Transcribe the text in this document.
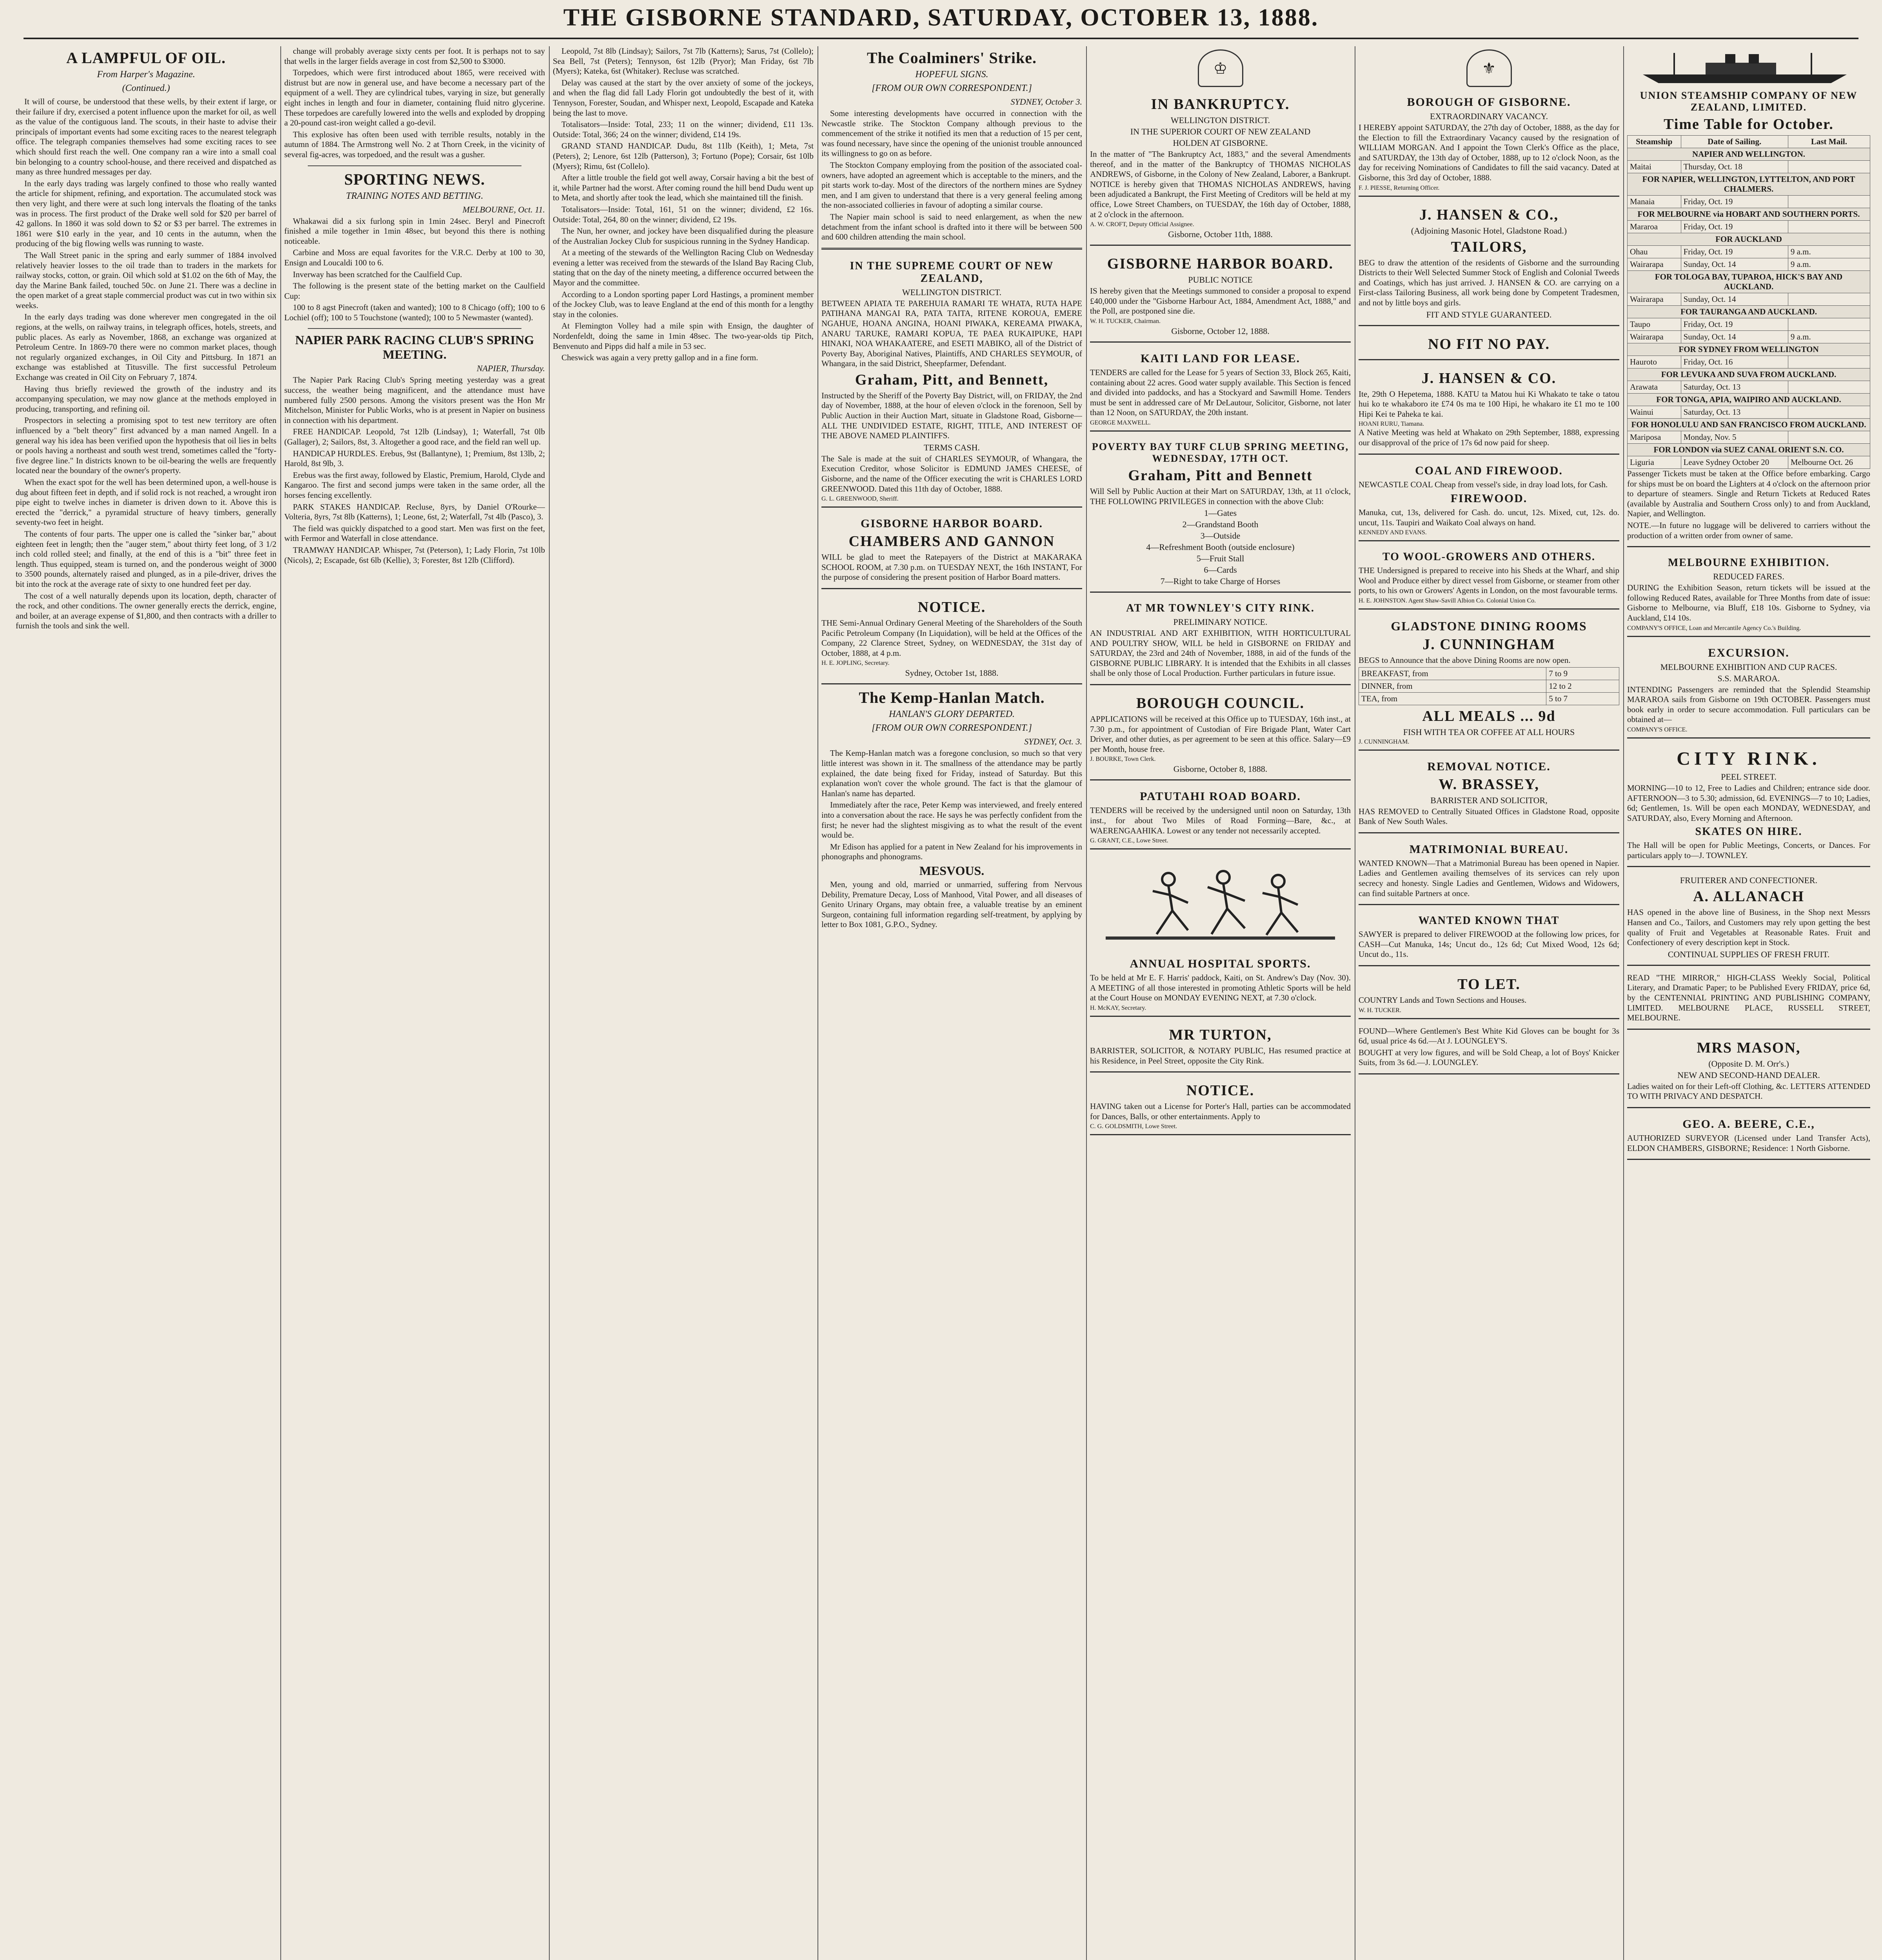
THE GISBORNE STANDARD, SATURDAY, OCTOBER 13, 1888.
A LAMPFUL OF OIL.
From Harper's Magazine.
(Continued.)

It will of course, be understood that these wells, by their extent if large, or their failure if dry, exercised a potent influence upon the market for oil, as well as the value of the contiguous land. The scouts, in their haste to advise their principals of important events had some exciting races to the nearest telegraph office. The telegraph companies themselves had some exciting races to see which should first reach the well. One company ran a wire into a small coal bin belonging to a country school-house, and there received and dispatched as many as three hundred messages per day.

In the early days trading was largely confined to those who really wanted the article for shipment, refining, and exportation. The accumulated stock was then very light, and there were at such long intervals the floating of the tanks was in process. The first product of the Drake well sold for $20 per barrel of 42 gallons. In 1860 it was sold down to $2 or $3 per barrel. The extremes in 1861 were $10 early in the year, and 10 cents in the autumn, when the producing of the big flowing wells was running to waste.

The Wall Street panic in the spring and early summer of 1884 involved relatively heavier losses to the oil trade than to traders in the markets for railway stocks, cotton, or grain. Oil which sold at $1.02 on the 6th of May, the day the Marine Bank failed, touched 50c. on June 21. There was a decline in the open market of a great staple commercial product was cut in two within six weeks.

In the early days trading was done wherever men congregated in the oil regions, at the wells, on railway trains, in telegraph offices, hotels, streets, and public places. As early as November, 1868, an exchange was organized at Petroleum Centre. In 1869-70 there were no common market places, though not regularly organized exchanges, in Oil City and Pittsburg. In 1871 an exchange was established at Titusville. The first successful Petroleum Exchange was created in Oil City on February 7, 1874.

Having thus briefly reviewed the growth of the industry and its accompanying speculation, we may now glance at the methods employed in producing, transporting, and refining oil.

Prospectors in selecting a promising spot to test new territory are often influenced by a "belt theory" first advanced by a man named Angell. In a general way his idea has been verified upon the hypothesis that oil lies in belts or pools having a northeast and south west trend, sometimes called the "forty-five degree line." In districts known to be oil-bearing the wells are frequently located near the boundary of the owner's property.

When the exact spot for the well has been determined upon, a well-house is dug about fifteen feet in depth, and if solid rock is not reached, a wrought iron pipe eight to twelve inches in diameter is driven down to it. Above this is erected the "derrick," a pyramidal structure of heavy timbers, generally seventy-two feet in height.

The contents of four parts. The upper one is called the "sinker bar," about eighteen feet in length; then the "auger stem," about thirty feet long, of 3 1/2 inch cold rolled steel; and finally, at the end of this is a "bit" three feet in length. Thus equipped, steam is turned on, and the ponderous weight of 3000 to 3500 pounds, alternately raised and plunged, as in a pile-driver, drives the bit into the rock at the average rate of sixty to one hundred feet per day.

The cost of a well naturally depends upon its location, depth, character of the rock, and other conditions. The owner generally erects the derrick, engine, and boiler, at an average expense of $1,800, and then contracts with a driller to furnish the tools and sink the well.

change will probably average sixty cents per foot. It is perhaps not to say that wells in the larger fields average in cost from $2,500 to $3000.

Torpedoes, which were first introduced about 1865, were received with distrust but are now in general use, and have become a necessary part of the equipment of a well. They are cylindrical tubes, varying in size, but generally eight inches in length and four in diameter, containing fluid nitro glycerine. These torpedoes are carefully lowered into the wells and exploded by dropping a 20-pound cast-iron weight called a go-devil.

This explosive has often been used with terrible results, notably in the autumn of 1884. The Armstrong well No. 2 at Thorn Creek, in the vicinity of several fig-acres, was torpedoed, and the result was a gusher.

SPORTING NEWS.
TRAINING NOTES AND BETTING.
MELBOURNE, Oct. 11.

Whakawai did a six furlong spin in 1min 24sec. Beryl and Pinecroft finished a mile together in 1min 48sec, but beyond this there is nothing noticeable.

Carbine and Moss are equal favorites for the V.R.C. Derby at 100 to 30, Ensign and Loucaldi 100 to 6.

Inverway has been scratched for the Caulfield Cup.

The following is the present state of the betting market on the Caulfield Cup:

100 to 8 agst Pinecroft (taken and wanted); 100 to 8 Chicago (off); 100 to 6 Lochiel (off); 100 to 5 Touchstone (wanted); 100 to 5 Newmaster (wanted).

NAPIER PARK RACING CLUB'S SPRING MEETING.
NAPIER, Thursday.

The Napier Park Racing Club's Spring meeting yesterday was a great success, the weather being magnificent, and the attendance must have numbered fully 2500 persons. Among the visitors present was the Hon Mr Mitchelson, Minister for Public Works, who is at present in Napier on business in connection with his department.

FREE HANDICAP. Leopold, 7st 12lb (Lindsay), 1; Waterfall, 7st 0lb (Gallager), 2; Sailors, 8st, 3. Altogether a good race, and the field ran well up.

HANDICAP HURDLES. Erebus, 9st (Ballantyne), 1; Premium, 8st 13lb, 2; Harold, 8st 9lb, 3.

Erebus was the first away, followed by Elastic, Premium, Harold, Clyde and Kangaroo. The first and second jumps were taken in the same order, all the horses fencing excellently.

PARK STAKES HANDICAP. Recluse, 8yrs, by Daniel O'Rourke—Volteria, 8yrs, 7st 8lb (Katterns), 1; Leone, 6st, 2; Waterfall, 7st 4lb (Pasco), 3.

The field was quickly dispatched to a good start. Men was first on the feet, with Fermor and Waterfall in close attendance.

TRAMWAY HANDICAP. Whisper, 7st (Peterson), 1; Lady Florin, 7st 10lb (Nicols), 2; Escapade, 6st 6lb (Kellie), 3; Forester, 8st 12lb (Clifford).

Leopold, 7st 8lb (Lindsay); Sailors, 7st 7lb (Katterns); Sarus, 7st (Collelo); Sea Bell, 7st (Peters); Tennyson, 6st 12lb (Pryor); Man Friday, 6st 7lb (Myers); Kateka, 6st (Whitaker). Recluse was scratched.

Delay was caused at the start by the over anxiety of some of the jockeys, and when the flag did fall Lady Florin got undoubtedly the best of it, with Tennyson, Forester, Soudan, and Whisper next, Leopold, Escapade and Kateka being the last to move.

Totalisators—Inside: Total, 233; 11 on the winner; dividend, £11 13s. Outside: Total, 366; 24 on the winner; dividend, £14 19s.

GRAND STAND HANDICAP. Dudu, 8st 11lb (Keith), 1; Meta, 7st (Peters), 2; Lenore, 6st 12lb (Patterson), 3; Fortuno (Pope); Corsair, 6st 10lb (Myers); Rimu, 6st (Collelo).

After a little trouble the field got well away, Corsair having a bit the best of it, while Partner had the worst. After coming round the hill bend Dudu went up to Meta, and shortly after took the lead, which she maintained till the finish.

Totalisators—Inside: Total, 161, 51 on the winner; dividend, £2 16s. Outside: Total, 264, 80 on the winner; dividend, £2 19s.

The Nun, her owner, and jockey have been disqualified during the pleasure of the Australian Jockey Club for suspicious running in the Sydney Handicap.

At a meeting of the stewards of the Wellington Racing Club on Wednesday evening a letter was received from the stewards of the Island Bay Racing Club, stating that on the day of the ninety meeting, a difference occurred between the Mayor and the committee.

According to a London sporting paper Lord Hastings, a prominent member of the Jockey Club, was to leave England at the end of this month for a lengthy stay in the colonies.

At Flemington Volley had a mile spin with Ensign, the daughter of Nordenfeldt, doing the same in 1min 48sec. The two-year-olds tip Pitch, Benvenuto and Pipps did half a mile in 53 sec.

Cheswick was again a very pretty gallop and in a fine form.

The Coalminers' Strike.
HOPEFUL SIGNS.
[FROM OUR OWN CORRESPONDENT.]
SYDNEY, October 3.

Some interesting developments have occurred in connection with the Newcastle strike. The Stockton Company although previous to the commencement of the strike it notified its men that a reduction of 15 per cent, was found necessary, have since the opening of the unionist trouble announced its willingness to go on as before.

The Stockton Company employing from the position of the associated coal-owners, have adopted an agreement which is acceptable to the miners, and the pit starts work to-day. Most of the directors of the northern mines are Sydney men, and I am given to understand that there is a very general feeling among the non-associated collieries in favour of adopting a similar course.

The Napier main school is said to need enlargement, as when the new detachment from the infant school is drafted into it there will be between 500 and 600 children attending the main school.

IN THE SUPREME COURT OF NEW ZEALAND,
WELLINGTON DISTRICT.

BETWEEN APIATA TE PAREHUIA RAMARI TE WHATA, RUTA HAPE PATIHANA MANGAI RA, PATA TAITA, RITENE KOROUA, EMERE NGAHUE, HOANA ANGINA, HOANI PIWAKA, KEREAMA PIWAKA, ANARU TARUKE, RAMARI KOPUA, TE PAEA RUKAIPUKE, HAPI HINAKI, NOA WHAKAATERE, and ESETI MABIKO, all of the District of Poverty Bay, Aboriginal Natives, Plaintiffs, AND CHARLES SEYMOUR, of Whangara, in the said District, Sheepfarmer, Defendant.

Graham, Pitt, and Bennett,

Instructed by the Sheriff of the Poverty Bay District, will, on FRIDAY, the 2nd day of November, 1888, at the hour of eleven o'clock in the forenoon, Sell by Public Auction in their Auction Mart, situate in Gladstone Road, Gisborne—ALL THE UNDIVIDED ESTATE, RIGHT, TITLE, AND INTEREST OF THE ABOVE NAMED PLAINTIFFS.

TERMS CASH.

The Sale is made at the suit of CHARLES SEYMOUR, of Whangara, the Execution Creditor, whose Solicitor is EDMUND JAMES CHEESE, of Gisborne, and the name of the Officer executing the writ is CHARLES LORD GREENWOOD. Dated this 11th day of October, 1888.

G. L. GREENWOOD, Sheriff.
GISBORNE HARBOR BOARD.
CHAMBERS AND GANNON

WILL be glad to meet the Ratepayers of the District at MAKARAKA SCHOOL ROOM, at 7.30 p.m. on TUESDAY NEXT, the 16th INSTANT, For the purpose of considering the present position of Harbor Board matters.

NOTICE.

THE Semi-Annual Ordinary General Meeting of the Shareholders of the South Pacific Petroleum Company (In Liquidation), will be held at the Offices of the Company, 22 Clarence Street, Sydney, on WEDNESDAY, the 31st day of October, 1888, at 4 p.m.

H. E. JOPLING, Secretary.
Sydney, October 1st, 1888.
The Kemp-Hanlan Match.
HANLAN'S GLORY DEPARTED.
[FROM OUR OWN CORRESPONDENT.]
SYDNEY, Oct. 3.

The Kemp-Hanlan match was a foregone conclusion, so much so that very little interest was shown in it. The smallness of the attendance may be partly explained, the date being fixed for Friday, instead of Saturday. But this explanation won't cover the whole ground. The fact is that the glamour of Hanlan's name has departed.

Immediately after the race, Peter Kemp was interviewed, and freely entered into a conversation about the race. He says he was perfectly confident from the first; he never had the slightest misgiving as to what the result of the event would be.

Mr Edison has applied for a patent in New Zealand for his improvements in phonographs and phonograms.

MESVOUS.

Men, young and old, married or unmarried, suffering from Nervous Debility, Premature Decay, Loss of Manhood, Vital Power, and all diseases of Genito Urinary Organs, may obtain free, a valuable treatise by an eminent Surgeon, containing full information regarding self-treatment, by applying by letter to Box 1081, G.P.O., Sydney.

♔
IN BANKRUPTCY.
WELLINGTON DISTRICT.
IN THE SUPERIOR COURT OF NEW ZEALAND
HOLDEN AT GISBORNE.

In the matter of "The Bankruptcy Act, 1883," and the several Amendments thereof, and in the matter of the Bankruptcy of THOMAS NICHOLAS ANDREWS, of Gisborne, in the Colony of New Zealand, Laborer, a Bankrupt. NOTICE is hereby given that THOMAS NICHOLAS ANDREWS, having been adjudicated a Bankrupt, the First Meeting of Creditors will be held at my office, Lowe Street Chambers, on TUESDAY, the 16th day of October, 1888, at 2 o'clock in the afternoon.

A. W. CROFT, Deputy Official Assignee.
Gisborne, October 11th, 1888.
GISBORNE HARBOR BOARD.
PUBLIC NOTICE

IS hereby given that the Meetings summoned to consider a proposal to expend £40,000 under the "Gisborne Harbour Act, 1884, Amendment Act, 1888," and the Poll, are postponed sine die.

W. H. TUCKER, Chairman.
Gisborne, October 12, 1888.
KAITI LAND FOR LEASE.

TENDERS are called for the Lease for 5 years of Section 33, Block 265, Kaiti, containing about 22 acres. Good water supply available. This Section is fenced and divided into paddocks, and has a Stockyard and Sawmill Home. Tenders must be sent in addressed care of Mr DeLautour, Solicitor, Gisborne, not later than 12 Noon, on SATURDAY, the 20th instant.

GEORGE MAXWELL.
POVERTY BAY TURF CLUB SPRING MEETING, WEDNESDAY, 17TH OCT.
Graham, Pitt and Bennett

Will Sell by Public Auction at their Mart on SATURDAY, 13th, at 11 o'clock, THE FOLLOWING PRIVILEGES in connection with the above Club:

1—Gates
2—Grandstand Booth
3—Outside
4—Refreshment Booth (outside enclosure)
5—Fruit Stall
6—Cards
7—Right to take Charge of Horses
AT MR TOWNLEY'S CITY RINK.
PRELIMINARY NOTICE.

AN INDUSTRIAL AND ART EXHIBITION, WITH HORTICULTURAL AND POULTRY SHOW, WILL be held in GISBORNE on FRIDAY and SATURDAY, the 23rd and 24th of November, 1888, in aid of the funds of the GISBORNE PUBLIC LIBRARY. It is intended that the Exhibits in all classes shall be only those of Local Production. Further particulars in future issue.

BOROUGH COUNCIL.

APPLICATIONS will be received at this Office up to TUESDAY, 16th inst., at 7.30 p.m., for appointment of Custodian of Fire Brigade Plant, Water Cart Driver, and other duties, as per agreement to be seen at this office. Salary—£9 per Month, house free.

J. BOURKE, Town Clerk.
Gisborne, October 8, 1888.
PATUTAHI ROAD BOARD.

TENDERS will be received by the undersigned until noon on Saturday, 13th inst., for about Two Miles of Road Forming—Bare, &c., at WAERENGAAHIKA. Lowest or any tender not necessarily accepted.

G. GRANT, C.E., Lowe Street.
ANNUAL HOSPITAL SPORTS.

To be held at Mr E. F. Harris' paddock, Kaiti, on St. Andrew's Day (Nov. 30). A MEETING of all those interested in promoting Athletic Sports will be held at the Court House on MONDAY EVENING NEXT, at 7.30 o'clock.

H. McKAY, Secretary.
MR TURTON,

BARRISTER, SOLICITOR, & NOTARY PUBLIC, Has resumed practice at his Residence, in Peel Street, opposite the City Rink.

NOTICE.

HAVING taken out a License for Porter's Hall, parties can be accommodated for Dances, Balls, or other entertainments. Apply to

C. G. GOLDSMITH, Lowe Street.
⚜
BOROUGH OF GISBORNE.
EXTRAORDINARY VACANCY.

I HEREBY appoint SATURDAY, the 27th day of October, 1888, as the day for the Election to fill the Extraordinary Vacancy caused by the resignation of WILLIAM MORGAN. And I appoint the Town Clerk's Office as the place, and SATURDAY, the 13th day of October, 1888, up to 12 o'clock Noon, as the day for receiving Nominations of Candidates to fill the said vacancy. Dated at Gisborne, this 3rd day of October, 1888.

F. J. PIESSE, Returning Officer.
J. HANSEN & CO.,
(Adjoining Masonic Hotel, Gladstone Road.)
TAILORS,

BEG to draw the attention of the residents of Gisborne and the surrounding Districts to their Well Selected Summer Stock of English and Colonial Tweeds and Coatings, which has just arrived. J. HANSEN & CO. are carrying on a First-class Tailoring Business, all work being done by Competent Tradesmen, and not by little boys and girls.

FIT AND STYLE GUARANTEED.
NO FIT NO PAY.
J. HANSEN & CO.

Ite, 29th O Hepetema, 1888. KATU ta Matou hui Ki Whakato te take o tatou hui ko te whakaboro ite £74 0s ma te 100 Hipi, he whakaro ite £1 mo te 100 Hipi Kei te Paheka te kai.

HOANI RURU, Tiamana.

A Native Meeting was held at Whakato on 29th September, 1888, expressing our disapproval of the price of 17s 6d now paid for sheep.

COAL AND FIREWOOD.

NEWCASTLE COAL Cheap from vessel's side, in dray load lots, for Cash.

FIREWOOD.

Manuka, cut, 13s, delivered for Cash. do. uncut, 12s. Mixed, cut, 12s. do. uncut, 11s. Taupiri and Waikato Coal always on hand.

KENNEDY AND EVANS.
TO WOOL-GROWERS AND OTHERS.

THE Undersigned is prepared to receive into his Sheds at the Wharf, and ship Wool and Produce either by direct vessel from Gisborne, or steamer from other ports, to his own or Growers' Agents in London, on the most favourable terms.

H. E. JOHNSTON. Agent Shaw-Savill Albion Co. Colonial Union Co.
GLADSTONE DINING ROOMS
J. CUNNINGHAM

BEGS to Announce that the above Dining Rooms are now open.

BREAKFAST, from	7 to 9
DINNER, from	12 to 2
TEA, from	5 to 7
ALL MEALS ... 9d
FISH WITH TEA OR COFFEE AT ALL HOURS
J. CUNNINGHAM.
REMOVAL NOTICE.
W. BRASSEY,
BARRISTER AND SOLICITOR,

HAS REMOVED to Centrally Situated Offices in Gladstone Road, opposite Bank of New South Wales.

MATRIMONIAL BUREAU.

WANTED KNOWN—That a Matrimonial Bureau has been opened in Napier. Ladies and Gentlemen availing themselves of its services can rely upon secrecy and honesty. Single Ladies and Gentlemen, Widows and Widowers, can find suitable Partners at once.

WANTED KNOWN THAT

SAWYER is prepared to deliver FIREWOOD at the following low prices, for CASH—Cut Manuka, 14s; Uncut do., 12s 6d; Cut Mixed Wood, 12s 6d; Uncut do., 11s.

TO LET.

COUNTRY Lands and Town Sections and Houses.

W. H. TUCKER.

FOUND—Where Gentlemen's Best White Kid Gloves can be bought for 3s 6d, usual price 4s 6d.—At J. LOUNGLEY'S.

BOUGHT at very low figures, and will be Sold Cheap, a lot of Boys' Knicker Suits, from 3s 6d.—J. LOUNGLEY.

UNION STEAMSHIP COMPANY OF NEW ZEALAND, LIMITED.
Time Table for October.
Steamship	Date of Sailing.	Last Mail.
NAPIER AND WELLINGTON.		
Maitai	Thursday, Oct. 18	
FOR NAPIER, WELLINGTON, LYTTELTON, AND PORT CHALMERS.		
Manaia	Friday, Oct. 19	
FOR MELBOURNE via HOBART AND SOUTHERN PORTS.		
Mararoa	Friday, Oct. 19	
FOR AUCKLAND		
Ohau	Friday, Oct. 19	9 a.m.
Wairarapa	Sunday, Oct. 14	9 a.m.
FOR TOLOGA BAY, TUPAROA, HICK'S BAY AND AUCKLAND.		
Wairarapa	Sunday, Oct. 14	
FOR TAURANGA AND AUCKLAND.		
Taupo	Friday, Oct. 19	
Wairarapa	Sunday, Oct. 14	9 a.m.
FOR SYDNEY FROM WELLINGTON		
Hauroto	Friday, Oct. 16	
FOR LEVUKA AND SUVA FROM AUCKLAND.		
Arawata	Saturday, Oct. 13	
FOR TONGA, APIA, WAIPIRO AND AUCKLAND.		
Wainui	Saturday, Oct. 13	
FOR HONOLULU AND SAN FRANCISCO FROM AUCKLAND.		
Mariposa	Monday, Nov. 5	
FOR LONDON via SUEZ CANAL ORIENT S.N. CO.		
Liguria	Leave Sydney October 20	Melbourne Oct. 26

Passenger Tickets must be taken at the Office before embarking. Cargo for ships must be on board the Lighters at 4 o'clock on the afternoon prior to departure of steamers. Single and Return Tickets at Reduced Rates (available by Australia and Southern Cross only) to and from Auckland, Napier, and Wellington.

NOTE.—In future no luggage will be delivered to carriers without the production of a written order from owner of same.

MELBOURNE EXHIBITION.
REDUCED FARES.

DURING the Exhibition Season, return tickets will be issued at the following Reduced Rates, available for Three Months from date of issue: Gisborne to Melbourne, via Bluff, £18 10s. Gisborne to Sydney, via Auckland, £14 10s.

COMPANY'S OFFICE, Loan and Mercantile Agency Co.'s Building.
EXCURSION.
MELBOURNE EXHIBITION AND CUP RACES.
S.S. MARAROA.

INTENDING Passengers are reminded that the Splendid Steamship MARAROA sails from Gisborne on 19th OCTOBER. Passengers must book early in order to secure accommodation. Full particulars can be obtained at—

COMPANY'S OFFICE.
CITY RINK.
PEEL STREET.

MORNING—10 to 12, Free to Ladies and Children; entrance side door. AFTERNOON—3 to 5.30; admission, 6d. EVENINGS—7 to 10; Ladies, 6d; Gentlemen, 1s. Will be open each MONDAY, WEDNESDAY, and SATURDAY, also, Every Morning and Afternoon.

SKATES ON HIRE.

The Hall will be open for Public Meetings, Concerts, or Dances. For particulars apply to—J. TOWNLEY.

FRUITERER AND CONFECTIONER.
A. ALLANACH

HAS opened in the above line of Business, in the Shop next Messrs Hansen and Co., Tailors, and Customers may rely upon getting the best quality of Fruit and Vegetables at Reasonable Rates. Fruit and Confectionery of every description kept in Stock.

CONTINUAL SUPPLIES OF FRESH FRUIT.

READ "THE MIRROR," HIGH-CLASS Weekly Social, Political Literary, and Dramatic Paper; to be Published Every FRIDAY, price 6d, by the CENTENNIAL PRINTING AND PUBLISHING COMPANY, LIMITED. MELBOURNE PLACE, RUSSELL STREET, MELBOURNE.

MRS MASON,
(Opposite D. M. Orr's.)
NEW AND SECOND-HAND DEALER.

Ladies waited on for their Left-off Clothing, &c. LETTERS ATTENDED TO WITH PRIVACY AND DESPATCH.

GEO. A. BEERE, C.E.,

AUTHORIZED SURVEYOR (Licensed under Land Transfer Acts), ELDON CHAMBERS, GISBORNE; Residence: 1 North Gisborne.
